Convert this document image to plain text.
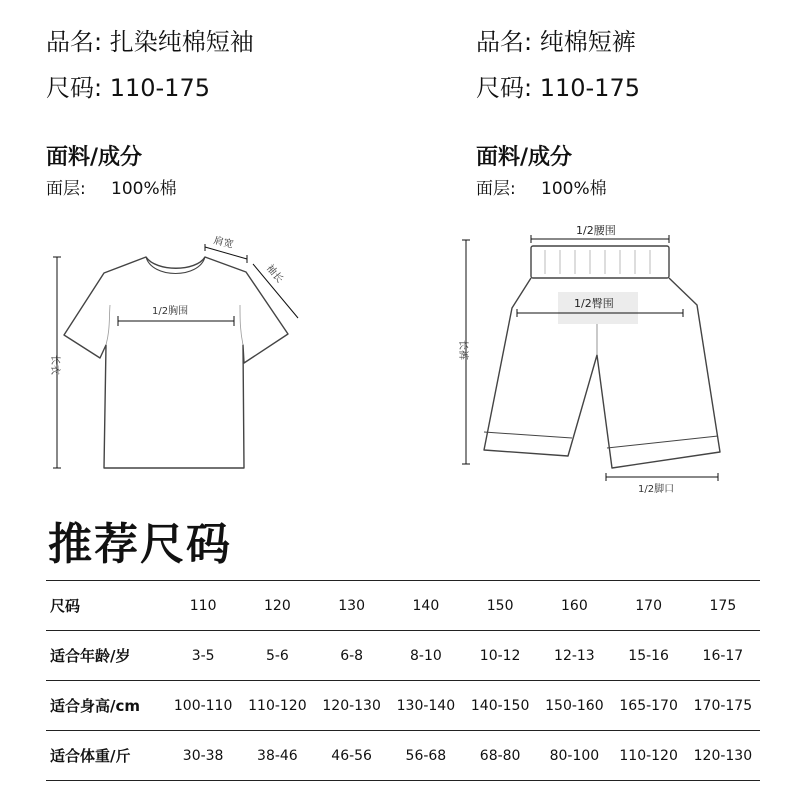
品名: 扎染纯棉短袖
尺码: 110-175
品名: 纯棉短裤
尺码: 110-175
面料/成分
面层: 100%棉
面料/成分
面层: 100%棉
肩宽
袖长
1/2胸围
长衣
1/2腰围
1/2臀围
长裤
1/2脚口
推荐尺码
尺码	110	120	130	140	150	160	170	175
适合年龄/岁	3-5	5-6	6-8	8-10	10-12	12-13	15-16	16-17
适合身高/cm	100-110	110-120	120-130	130-140	140-150	150-160	165-170	170-175
适合体重/斤	30-38	38-46	46-56	56-68	68-80	80-100	110-120	120-130
